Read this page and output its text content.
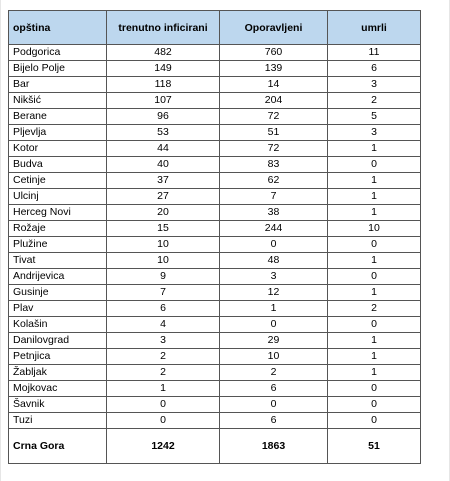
opština	trenutno inficirani	Oporavljeni	umrli
Podgorica	482	760	11
Bijelo Polje	149	139	6
Bar	118	14	3
Nikšić	107	204	2
Berane	96	72	5
Pljevlja	53	51	3
Kotor	44	72	1
Budva	40	83	0
Cetinje	37	62	1
Ulcinj	27	7	1
Herceg Novi	20	38	1
Rožaje	15	244	10
Plužine	10	0	0
Tivat	10	48	1
Andrijevica	9	3	0
Gusinje	7	12	1
Plav	6	1	2
Kolašin	4	0	0
Danilovgrad	3	29	1
Petnjica	2	10	1
Žabljak	2	2	1
Mojkovac	1	6	0
Šavnik	0	0	0
Tuzi	0	6	0
Crna Gora	1242	1863	51
